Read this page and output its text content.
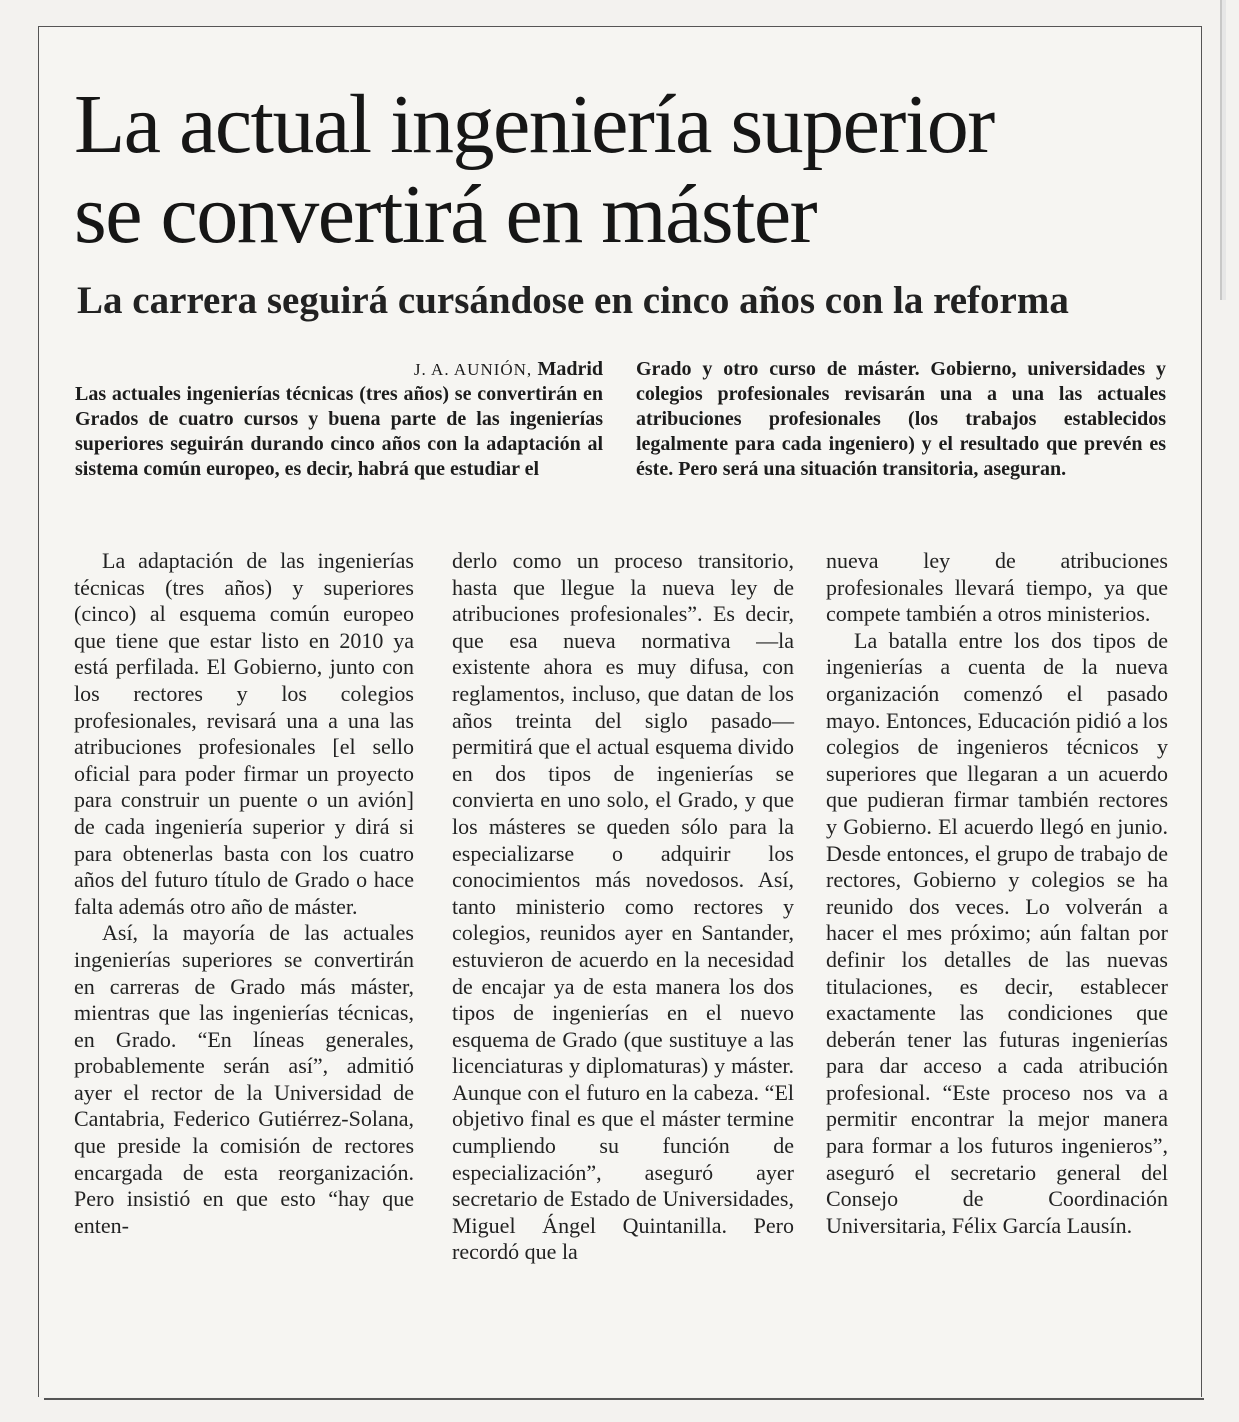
La actual ingeniería superior
se convertirá en máster
La carrera seguirá cursándose en cinco años con la reforma
J. A. AUNIÓN, Madrid

Las actuales ingenierías técnicas (tres años) se convertirán en Grados de cuatro cursos y buena parte de las ingenierías superiores seguirán durando cinco años con la adaptación al sistema común europeo, es decir, habrá que estudiar el

Grado y otro curso de máster. Gobierno, universidades y colegios profesionales revisarán una a una las actuales atribuciones profesionales (los trabajos establecidos legalmente para cada ingeniero) y el resultado que prevén es éste. Pero será una situación transitoria, aseguran.

La adaptación de las ingenierías técnicas (tres años) y superiores (cinco) al esquema común europeo que tiene que estar listo en 2010 ya está perfilada. El Gobierno, junto con los rectores y los colegios profesionales, revisará una a una las atribuciones profesionales [el sello oficial para poder firmar un proyecto para construir un puente o un avión] de cada ingeniería superior y dirá si para obtenerlas basta con los cuatro años del futuro título de Grado o hace falta además otro año de máster.

Así, la mayoría de las actuales ingenierías superiores se convertirán en carreras de Grado más máster, mientras que las ingenierías técnicas, en Grado. “En líneas generales, probablemente serán así”, admitió ayer el rector de la Universidad de Cantabria, Federico Gutiérrez-Solana, que preside la comisión de rectores encargada de esta reorganización. Pero insistió en que esto “hay que enten-

derlo como un proceso transitorio, hasta que llegue la nueva ley de atribuciones profesionales”. Es decir, que esa nueva normativa —la existente ahora es muy difusa, con reglamentos, incluso, que datan de los años treinta del siglo pasado— permitirá que el actual esquema divido en dos tipos de ingenierías se convierta en uno solo, el Grado, y que los másteres se queden sólo para la especializarse o adquirir los conocimientos más novedosos. Así, tanto ministerio como rectores y colegios, reunidos ayer en Santander, estuvieron de acuerdo en la necesidad de encajar ya de esta manera los dos tipos de ingenierías en el nuevo esquema de Grado (que sustituye a las licenciaturas y diplomaturas) y máster. Aunque con el futuro en la cabeza. “El objetivo final es que el máster termine cumpliendo su función de especialización”, aseguró ayer secretario de Estado de Universidades, Miguel Ángel Quintanilla. Pero recordó que la

nueva ley de atribuciones profesionales llevará tiempo, ya que compete también a otros ministerios.

La batalla entre los dos tipos de ingenierías a cuenta de la nueva organización comenzó el pasado mayo. Entonces, Educación pidió a los colegios de ingenieros técnicos y superiores que llegaran a un acuerdo que pudieran firmar también rectores y Gobierno. El acuerdo llegó en junio. Desde entonces, el grupo de trabajo de rectores, Gobierno y colegios se ha reunido dos veces. Lo volverán a hacer el mes próximo; aún faltan por definir los detalles de las nuevas titulaciones, es decir, establecer exactamente las condiciones que deberán tener las futuras ingenierías para dar acceso a cada atribución profesional. “Este proceso nos va a permitir encontrar la mejor manera para formar a los futuros ingenieros”, aseguró el secretario general del Consejo de Coordinación Universitaria, Félix García Lausín.
